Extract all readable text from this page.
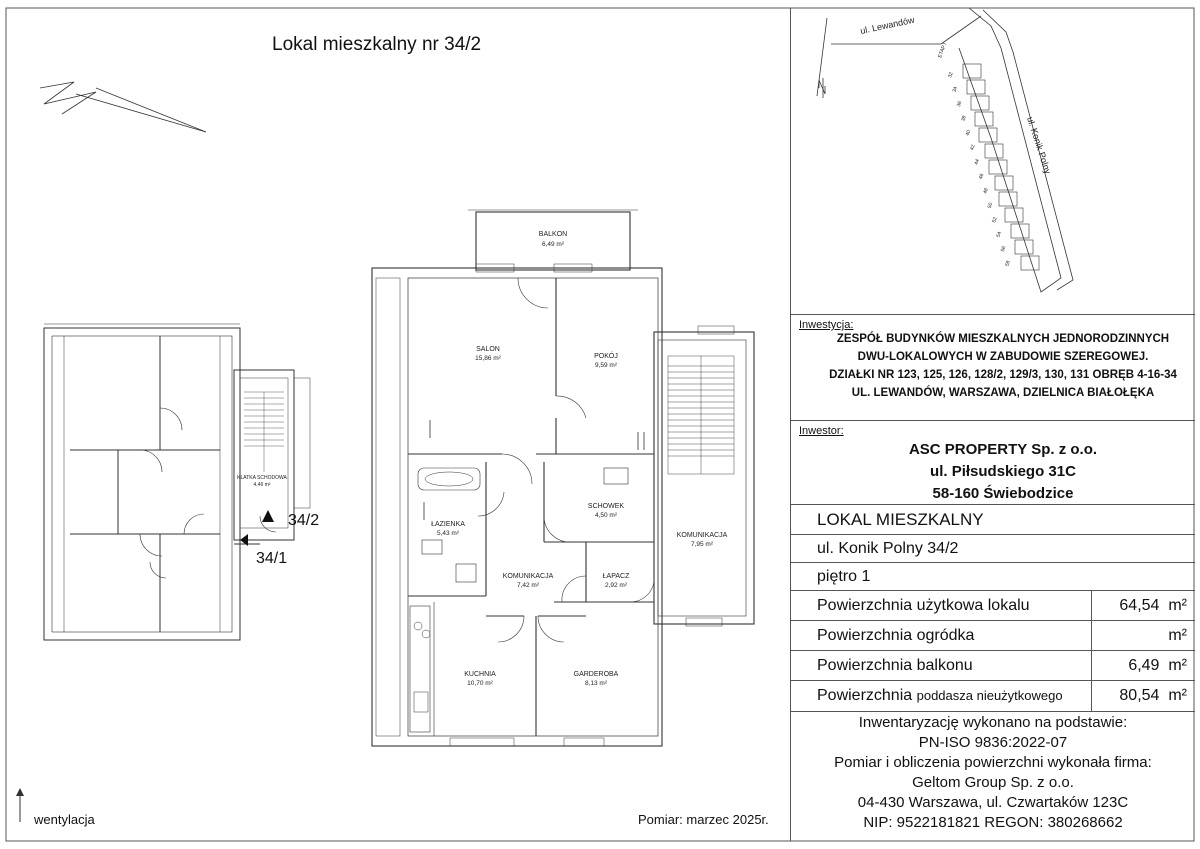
Lokal mieszkalny nr 34/2
KLATKA SCHODOWA
4,46 m²
34/2
34/1
BALKON
6,49 m²
SALON
15,86 m²	POKÓJ
9,59 m²
ŁAZIENKA
5,43 m²
SCHOWEK
4,50 m²
KOMUNIKACJA
7,42 m²
KOMUNIKACJA
7,95 m²
ŁAPACZ
2,92 m²
KUCHNIA
10,70 m²
GARDEROBA
8,13 m²
wentylacja	Pomiar: marzec 2025r.
ul. Lewandów
ul. Konik Polny
ETAP I
32
34
36
38
40
42
44
46
48
50
52
54
56
58
Inwestycja:
ZESPÓŁ BUDYNKÓW MIESZKALNYCH JEDNORODZINNYCH
DWU-LOKALOWYCH W ZABUDOWIE SZEREGOWEJ.
DZIAŁKI NR 123, 125, 126, 128/2, 129/3, 130, 131 OBRĘB 4-16-34
UL. LEWANDÓW, WARSZAWA, DZIELNICA BIAŁOŁĘKA
Inwestor:
ASC PROPERTY Sp. z o.o.
ul. Piłsudskiego 31C
58-160 Świebodzice
LOKAL MIESZKALNY
ul. Konik Polny 34/2
piętro 1
Powierzchnia użytkowa lokalu	64,54 m²
Powierzchnia ogródka	m²
Powierzchnia balkonu	6,49 m²
Powierzchnia poddasza nieużytkowego	80,54 m²
Inwentaryzację wykonano na podstawie:
PN-ISO 9836:2022-07
Pomiar i obliczenia powierzchni wykonała firma:
Geltom Group Sp. z o.o.
04-430 Warszawa, ul. Czwartaków 123C
NIP: 9522181821 REGON: 380268662
